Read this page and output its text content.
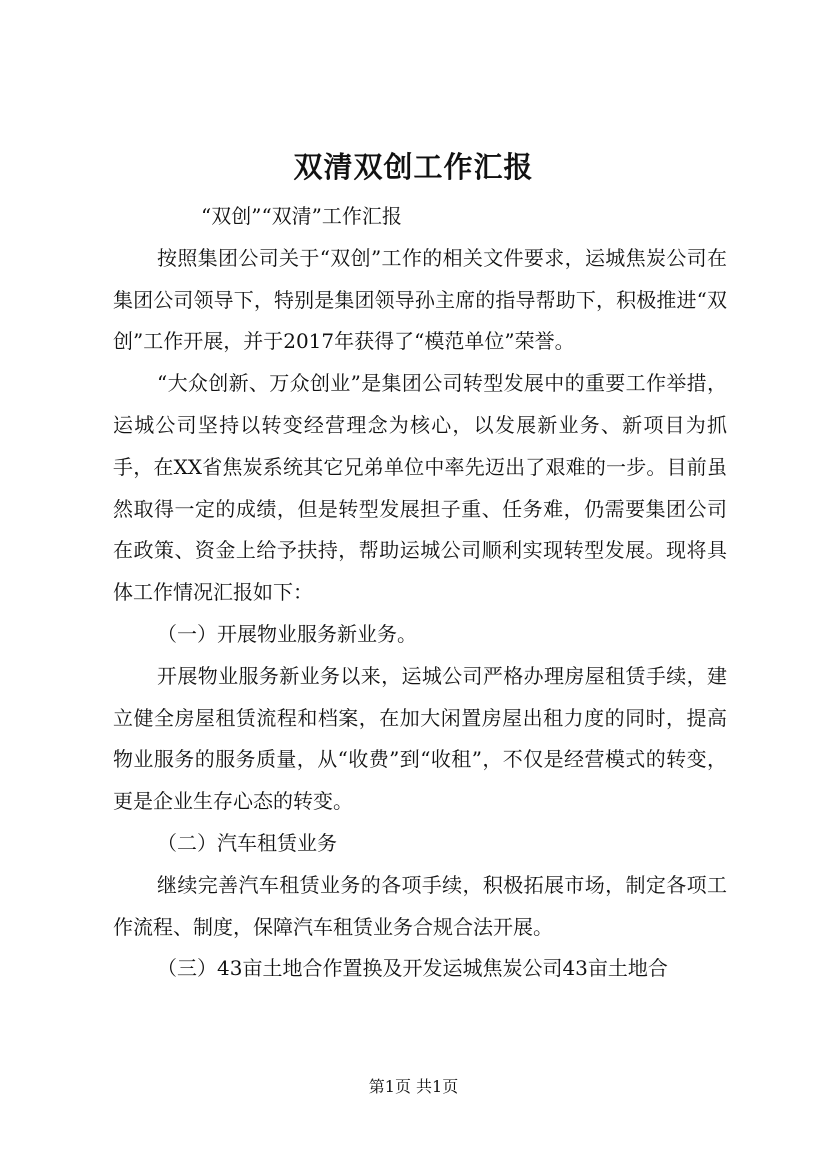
双清双创工作汇报

“双创”“双清”工作汇报

按照集团公司关于“双创”工作的相关文件要求，运城焦炭公司在集团公司领导下，特别是集团领导孙主席的指导帮助下，积极推进“双创”工作开展，并于2017年获得了“模范单位”荣誉。

“大众创新、万众创业”是集团公司转型发展中的重要工作举措，运城公司坚持以转变经营理念为核心，以发展新业务、新项目为抓手，在XX省焦炭系统其它兄弟单位中率先迈出了艰难的一步。目前虽然取得一定的成绩，但是转型发展担子重、任务难，仍需要集团公司在政策、资金上给予扶持，帮助运城公司顺利实现转型发展。现将具体工作情况汇报如下：

（一）开展物业服务新业务。

开展物业服务新业务以来，运城公司严格办理房屋租赁手续，建立健全房屋租赁流程和档案，在加大闲置房屋出租力度的同时，提高物业服务的服务质量，从“收费”到“收租”，不仅是经营模式的转变，更是企业生存心态的转变。

（二）汽车租赁业务

继续完善汽车租赁业务的各项手续，积极拓展市场，制定各项工作流程、制度，保障汽车租赁业务合规合法开展。

（三）43亩土地合作置换及开发运城焦炭公司43亩土地合

第1页 共1页
